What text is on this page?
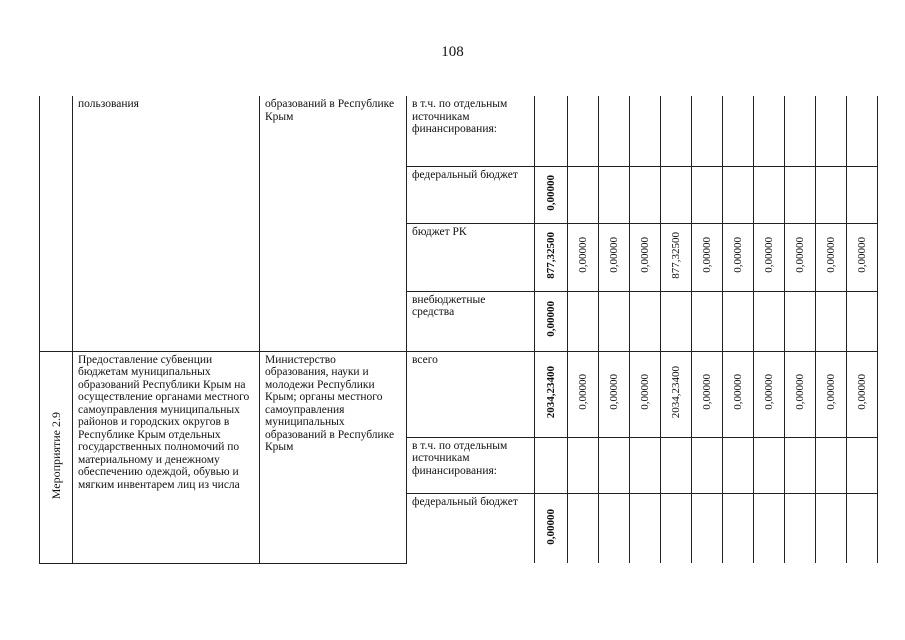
108
	пользования	образований в Республике Крым	в т.ч. по отдельным источникам финансирования:											
			федеральный бюджет	0,00000										
			бюджет РК	877,32500	0,00000	0,00000	0,00000	877,32500	0,00000	0,00000	0,00000	0,00000	0,00000	0,00000
			внебюджетные средства	0,00000										
Мероприятие 2.9	Предоставление субвенции бюджетам муниципальных образований Республики Крым на осуществление органами местного самоуправления муниципальных районов и городских округов в Республике Крым отдельных государственных полномочий по материальному и денежному обеспечению одеждой, обувью и мягким инвентарем лиц из числа	Министерство образования, науки и молодежи Республики Крым; органы местного самоуправления муниципальных образований в Республике Крым	всего	2034,23400	0,00000	0,00000	0,00000	2034,23400	0,00000	0,00000	0,00000	0,00000	0,00000	0,00000
			в т.ч. по отдельным источникам финансирования:											
			федеральный бюджет	0,00000										
